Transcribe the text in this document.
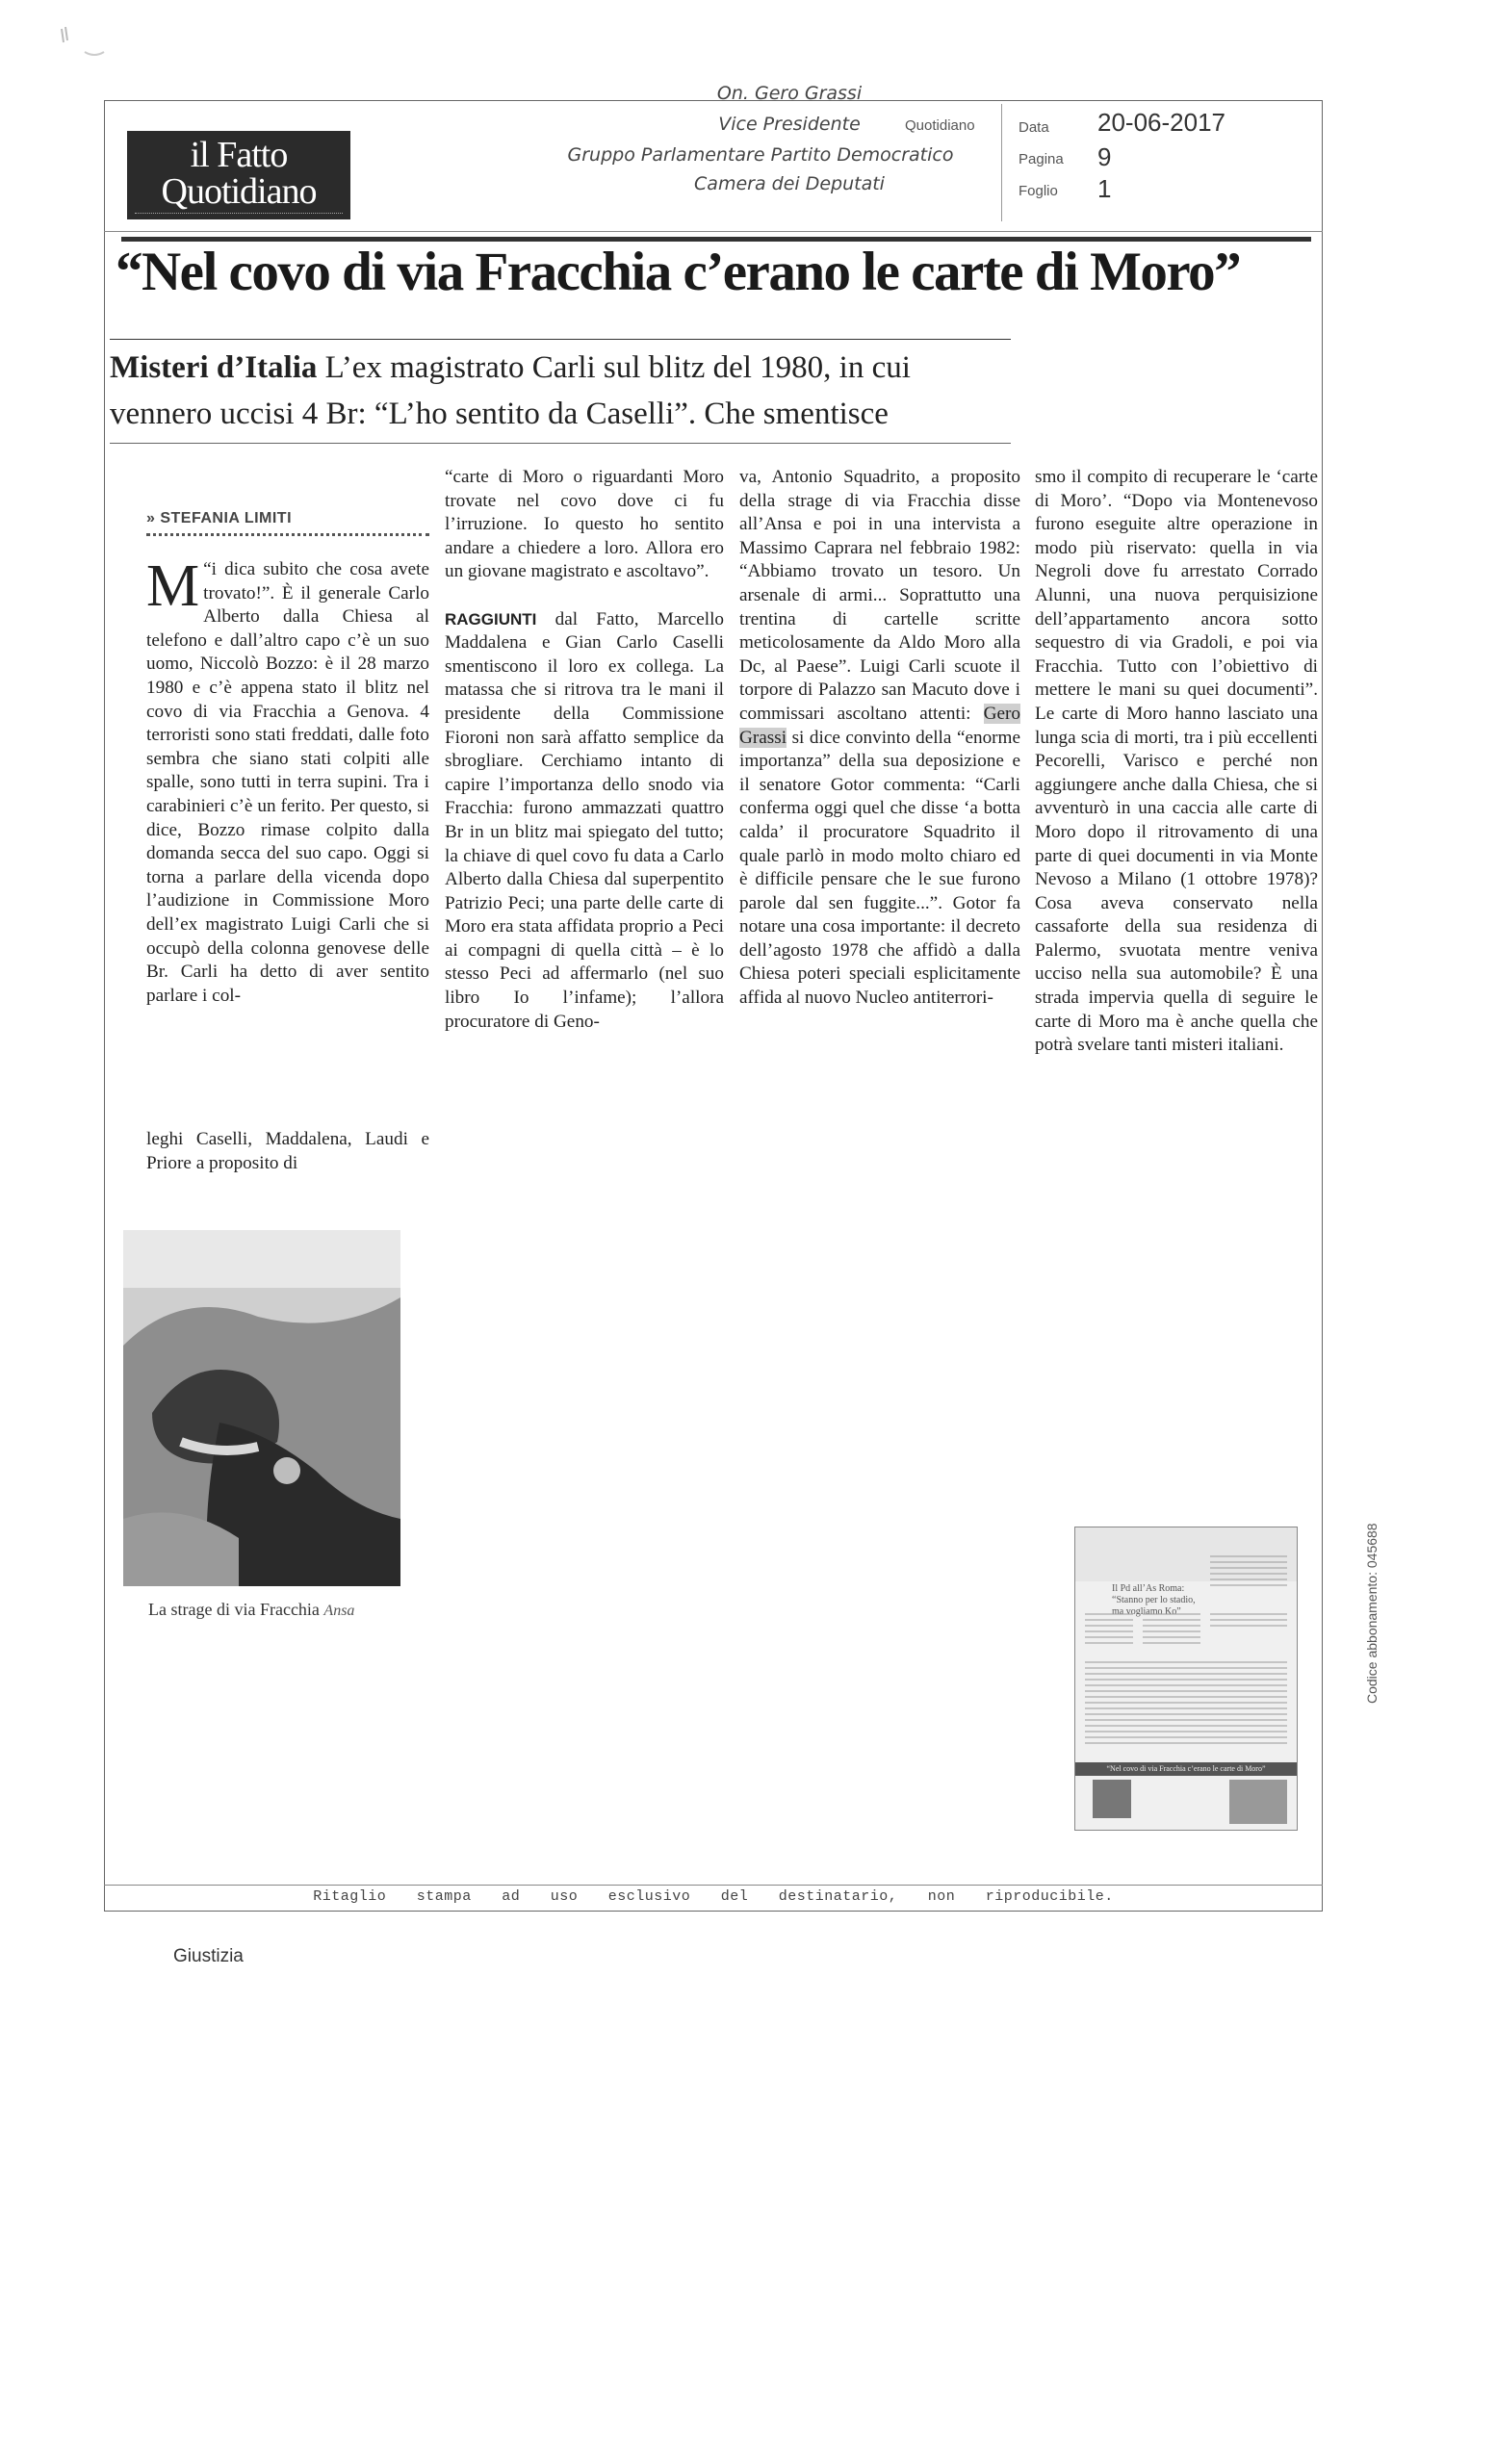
il Fatto
Quotidiano
On. Gero Grassi
Vice Presidente
Gruppo Parlamentare Partito Democratico
Camera dei Deputati
Quotidiano	Data 20-06-2017
Pagina 9
Foglio 1
“Nel covo di via Fracchia c’erano le carte di Moro”
Misteri d’Italia L’ex magistrato Carli sul blitz del 1980, in cui vennero uccisi 4 Br: “L’ho sentito da Caselli”. Che smentisce
» STEFANIA LIMITI
“
M i dica subito che cosa avete trovato!”. È il generale Carlo Alberto dalla Chiesa al telefono e dall’altro capo c’è un suo uomo, Niccolò Bozzo: è il 28 marzo 1980 e c’è appena stato il blitz nel covo di via Fracchia a Genova. 4 terroristi sono stati freddati, dalle foto sembra che siano stati colpiti alle spalle, sono tutti in terra supini. Tra i carabinieri c’è un ferito. Per questo, si dice, Bozzo rimase colpito dalla domanda secca del suo capo. Oggi si torna a parlare della vicenda dopo l’audizione in Commissione Moro dell’ex magistrato Luigi Carli che si occupò della colonna genovese delle Br. Carli ha detto di aver sentito parlare i col-
leghi Caselli, Maddalena, Laudi e Priore a proposito di
“carte di Moro o riguardanti Moro trovate nel covo dove ci fu l’irruzione. Io questo ho sentito andare a chiedere a loro. Allora ero un giovane magistrato e ascoltavo”.

RAGGIUNTI dal Fatto, Marcello Maddalena e Gian Carlo Caselli smentiscono il loro ex collega. La matassa che si ritrova tra le mani il presidente della Commissione Fioroni non sarà affatto semplice da sbrogliare. Cerchiamo intanto di capire l’importanza dello snodo via Fracchia: furono ammazzati quattro Br in un blitz mai spiegato del tutto; la chiave di quel covo fu data a Carlo Alberto dalla Chiesa dal superpentito Patrizio Peci; una parte delle carte di Moro era stata affidata proprio a Peci ai compagni di quella città – è lo stesso Peci ad affermarlo (nel suo libro Io l’infame); l’allora procuratore di Geno-
va, Antonio Squadrito, a proposito della strage di via Fracchia disse all’Ansa e poi in una intervista a Massimo Caprara nel febbraio 1982: “Abbiamo trovato un tesoro. Un arsenale di armi... Soprattutto una trentina di cartelle scritte meticolosamente da Aldo Moro alla Dc, al Paese”. Luigi Carli scuote il torpore di Palazzo san Macuto dove i commissari ascoltano attenti: Gero Grassi si dice convinto della “enorme importanza” della sua deposizione e il senatore Gotor commenta: “Carli conferma oggi quel che disse ‘a botta calda’ il procuratore Squadrito il quale parlò in modo molto chiaro ed è difficile pensare che le sue furono parole dal sen fuggite...”. Gotor fa notare una cosa importante: il decreto dell’agosto 1978 che affidò a dalla Chiesa poteri speciali esplicitamente affida al nuovo Nucleo antiterrori-
smo il compito di recuperare le ‘carte di Moro’. “Dopo via Montenevoso furono eseguite altre operazione in modo più riservato: quella in via Negroli dove fu arrestato Corrado Alunni, una nuova perquisizione dell’appartamento ancora sotto sequestro di via Gradoli, e poi via Fracchia. Tutto con l’obiettivo di mettere le mani su quei documenti”. Le carte di Moro hanno lasciato una lunga scia di morti, tra i più eccellenti Pecorelli, Varisco e perché non aggiungere anche dalla Chiesa, che si avventurò in una caccia alle carte di Moro dopo il ritrovamento di una parte di quei documenti in via Monte Nevoso a Milano (1 ottobre 1978)? Cosa aveva conservato nella cassaforte della sua residenza di Palermo, svuotata mentre veniva ucciso nella sua automobile? È una strada impervia quella di seguire le carte di Moro ma è anche quella che potrà svelare tanti misteri italiani.
La strage di via Fracchia Ansa
Il Pd all’As Roma: “Stanno per lo stadio, ma vogliamo Ko”
“Nel covo di via Fracchia c’erano le carte di Moro”
Codice abbonamento: 045688
Ritaglio stampa ad uso esclusivo del destinatario, non riproducibile.
Giustizia
